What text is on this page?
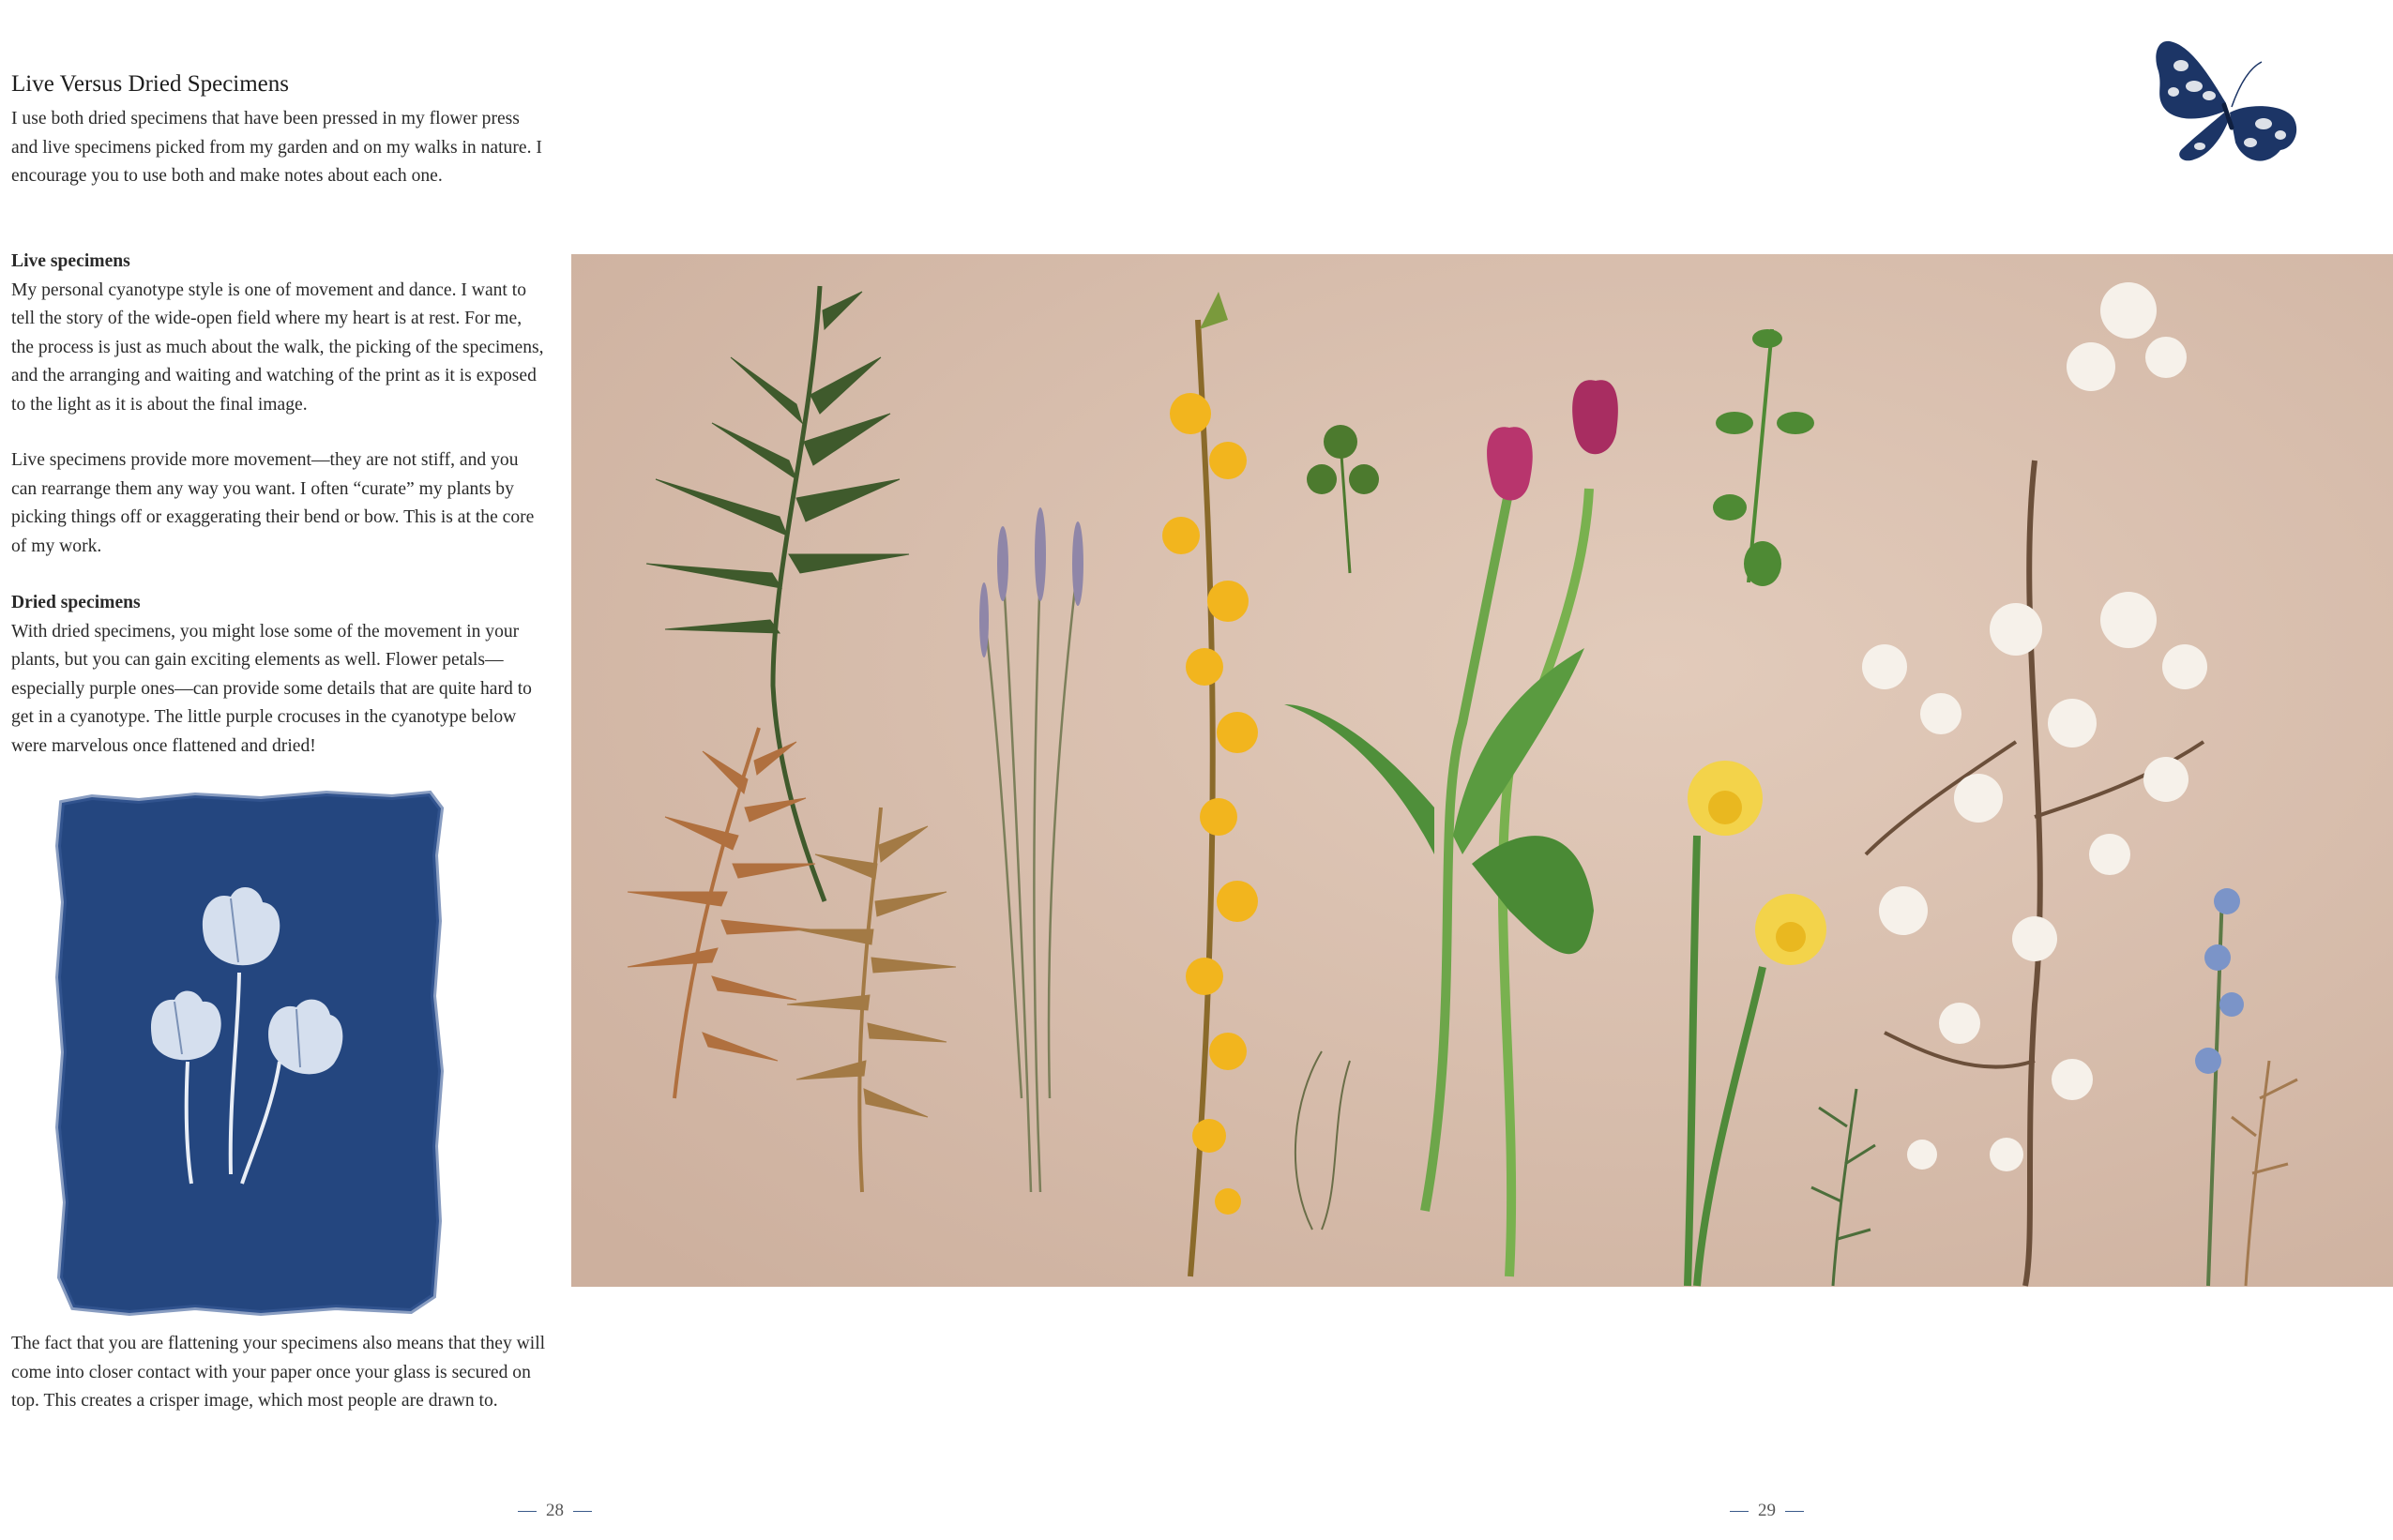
Live Versus Dried Specimens

I use both dried specimens that have been pressed in my flower press and live specimens picked from my garden and on my walks in nature. I encourage you to use both and make notes about each one.

Live specimens
My personal cyanotype style is one of movement and dance. I want to tell the story of the wide-open field where my heart is at rest. For me, the process is just as much about the walk, the picking of the specimens, and the arranging and waiting and watching of the print as it is exposed to the light as it is about the final image.

Live specimens provide more movement—they are not stiff, and you can rearrange them any way you want. I often “curate” my plants by picking things off or exaggerating their bend or bow. This is at the core of my work.

Dried specimens
With dried specimens, you might lose some of the movement in your plants, but you can gain exciting elements as well. Flower petals—especially purple ones—can provide some details that are quite hard to get in a cyanotype. The little purple crocuses in the cyanotype below were marvelous once flattened and dried!

The fact that you are flattening your specimens also means that they will come into closer contact with your paper once your glass is secured on top. This creates a crisper image, which most people are drawn to.

28	29
